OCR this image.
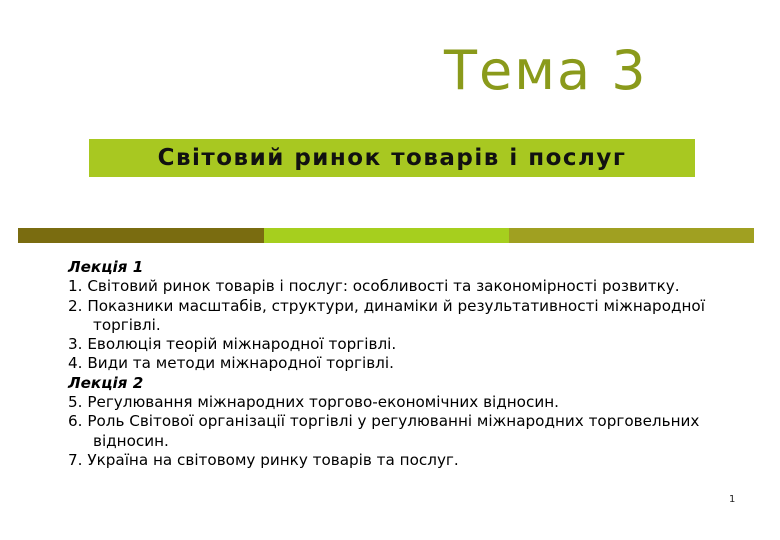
Тема 3
Світовий ринок товарів і послуг
Лекція 1
1. Світовий ринок товарів і послуг: особливості та закономірності розвитку.
2. Показники масштабів, структури, динаміки й результативності міжнародної торгівлі.
3. Еволюція теорій міжнародної торгівлі.
4. Види та методи міжнародної торгівлі.
Лекція 2
5. Регулювання міжнародних торгово-економічних відносин.
6. Роль Світової організації торгівлі у регулюванні міжнародних торговельних відносин.
7. Україна на світовому ринку товарів та послуг.
1
